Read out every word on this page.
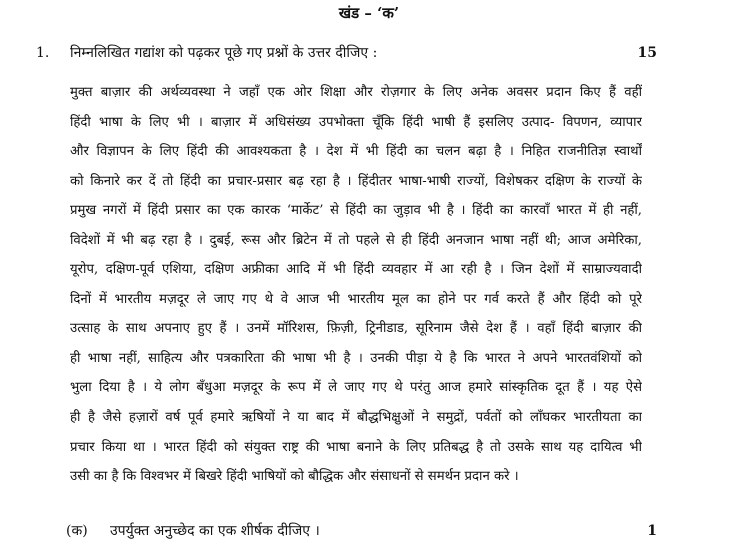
खंड – ‘क’
1. निम्नलिखित गद्यांश को पढ़कर पूछे गए प्रश्नों के उत्तर दीजिए :	15
मुक्त बाज़ार की अर्थव्यवस्था ने जहाँ एक ओर शिक्षा और रोज़गार के लिए अनेक अवसर प्रदान किए हैं वहीं
हिंदी भाषा के लिए भी । बाज़ार में अधिसंख्य उपभोक्ता चूँकि हिंदी भाषी हैं इसलिए उत्पाद- विपणन, व्यापार
और विज्ञापन के लिए हिंदी की आवश्यकता है । देश में भी हिंदी का चलन बढ़ा है । निहित राजनीतिज्ञ स्वार्थों
को किनारे कर दें तो हिंदी का प्रचार-प्रसार बढ़ रहा है । हिंदीतर भाषा-भाषी राज्यों, विशेषकर दक्षिण के राज्यों के
प्रमुख नगरों में हिंदी प्रसार का एक कारक ‘मार्केट’ से हिंदी का जुड़ाव भी है । हिंदी का कारवाँ भारत में ही नहीं,
विदेशों में भी बढ़ रहा है । दुबई, रूस और ब्रिटेन में तो पहले से ही हिंदी अनजान भाषा नहीं थी; आज अमेरिका,
यूरोप, दक्षिण-पूर्व एशिया, दक्षिण अफ्रीका आदि में भी हिंदी व्यवहार में आ रही है । जिन देशों में साम्राज्यवादी
दिनों में भारतीय मज़दूर ले जाए गए थे वे आज भी भारतीय मूल का होने पर गर्व करते हैं और हिंदी को पूरे
उत्साह के साथ अपनाए हुए हैं । उनमें मॉरिशस, फ़िज़ी, ट्रिनीडाड, सूरिनाम जैसे देश हैं । वहाँ हिंदी बाज़ार की
ही भाषा नहीं, साहित्य और पत्रकारिता की भाषा भी है । उनकी पीड़ा ये है कि भारत ने अपने भारतवंशियों को
भुला दिया है । ये लोग बँधुआ मज़दूर के रूप में ले जाए गए थे परंतु आज हमारे सांस्कृतिक दूत हैं । यह ऐसे
ही है जैसे हज़ारों वर्ष पूर्व हमारे ऋषियों ने या बाद में बौद्धभिक्षुओं ने समुद्रों, पर्वतों को लाँघकर भारतीयता का
प्रचार किया था । भारत हिंदी को संयुक्त राष्ट्र की भाषा बनाने के लिए प्रतिबद्ध है तो उसके साथ यह दायित्व भी
उसी का है कि विश्वभर में बिखरे हिंदी भाषियों को बौद्धिक और संसाधनों से समर्थन प्रदान करे ।
(क) उपर्युक्त अनुच्छेद का एक शीर्षक दीजिए ।	1
